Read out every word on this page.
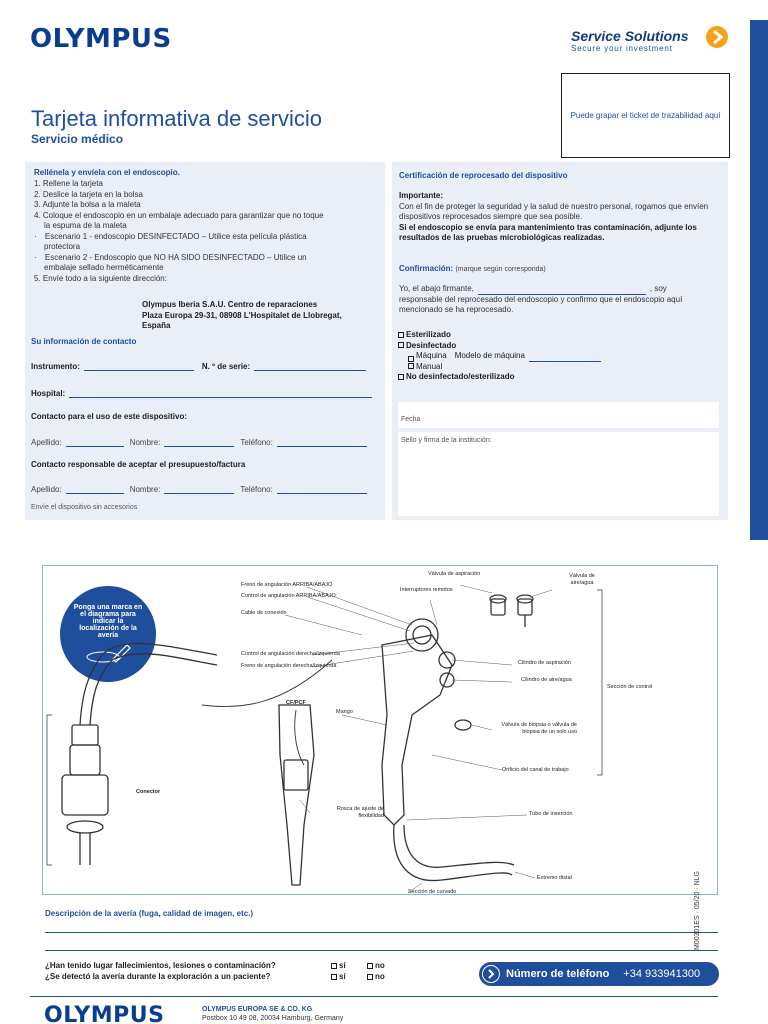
OLYMPUS	Service Solutions
Secure your investment
Tarjeta informativa de servicio
Servicio médico
Puede grapar el ticket de trazabilidad aquí
Rellénela y envíela con el endoscopio.
1. Rellene la tarjeta
2. Deslice la tarjeta en la bolsa
3. Adjunte la bolsa a la maleta
4. Coloque el endoscopio en un embalaje adecuado para garantizar que no toque
la espuma de la maleta
· Escenario 1 - endoscopio DESINFECTADO – Utilice esta película plástica
protectora
· Escenario 2 - Endoscopio que NO HA SIDO DESINFECTADO – Utilice un
embalaje sellado herméticamente
5. Envíe todo a la siguiente dirección:
Olympus Iberia S.A.U. Centro de reparaciones
Plaza Europa 29-31, 08908 L'Hospitalet de Llobregat,
España
Su información de contacto
Instrumento:	N. º de serie:
Hospital:
Contacto para el uso de este dispositivo:
Apellido:	Nombre:	Teléfono:
Contacto responsable de aceptar el presupuesto/factura
Apellido:	Nombre:	Teléfono:
Envíe el dispositivo sin accesorios
Certificación de reprocesado del dispositivo
Importante:
Con el fin de proteger la seguridad y la salud de nuestro personal, rogamos que envíen dispositivos reprocesados siempre que sea posible.
Si el endoscopio se envía para mantenimiento tras contaminación, adjunte los resultados de las pruebas microbiológicas realizadas.
Confirmación: (marque según corresponda)
Yo, el abajo firmante,	, soy
responsable del reprocesado del endoscopio y confirmo que el endoscopio aquí mencionado se ha reprocesado.
Esterilizado
Desinfectado
Máquina Modelo de máquina
Manual
No desinfectado/esterilizado
Fecha
Sello y firma de la institución:
Ponga una marca en el diagrama para indicar la localización de la avería
Freno de angulación ARRIBA/ABAJO
Control de angulación ARRIBA/ABAJO
Cable de conexión
Control de angulación derecha/izquierda
Freno de angulación derecha/izquierda
Válvula de aspiración
Interruptores remotos
Válvula de aire/agua
Cilindro de aspiración
Cilindro de aire/agua
Sección de control
CF/PCF
Mango
Válvula de biopsia o válvula de biopsia de un solo uso
Conector
Orificio del canal de trabajo
Rosca de ajuste de flexibilidad	Tubo de inserción
Extremo distal
Sección de curvado
Descripción de la avería (fuga, calidad de imagen, etc.)
¿Han tenido lugar fallecimientos, lesiones o contaminación?	sí	no
¿Se detectó la avería durante la exploración a un paciente?	sí	no	Número de teléfono +34 933941300
OLYMPUS	OLYMPUS EUROPA SE & CO. KG
Postbox 10 49 08, 20034 Hamburg, Germany
M00301ES · 05/20 · NLG
